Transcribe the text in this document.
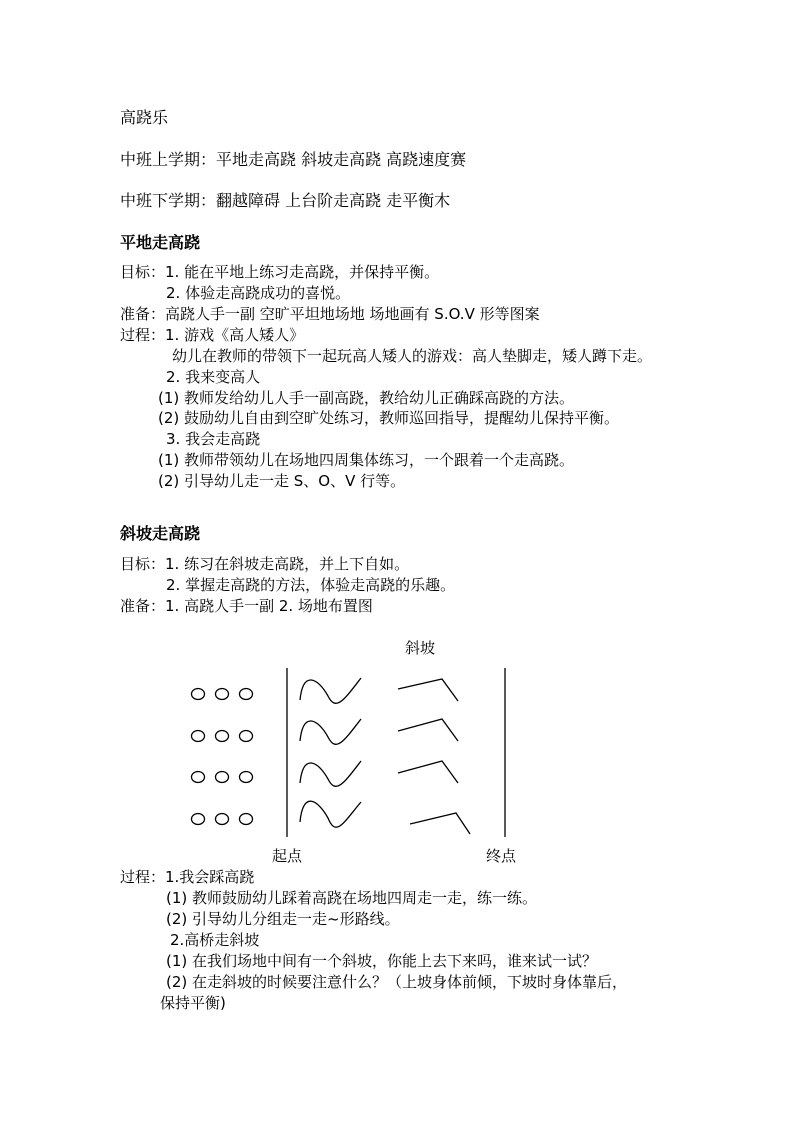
高跷乐
中班上学期：平地走高跷 斜坡走高跷 高跷速度赛
中班下学期：翻越障碍 上台阶走高跷 走平衡木
平地走高跷
目标：1. 能在平地上练习走高跷，并保持平衡。
2. 体验走高跷成功的喜悦。
准备：高跷人手一副 空旷平坦地场地 场地画有 S.O.V 形等图案
过程：1. 游戏《高人矮人》
幼儿在教师的带领下一起玩高人矮人的游戏：高人垫脚走，矮人蹲下走。
2. 我来变高人
(1) 教师发给幼儿人手一副高跷，教给幼儿正确踩高跷的方法。
(2) 鼓励幼儿自由到空旷处练习，教师巡回指导，提醒幼儿保持平衡。
3. 我会走高跷
(1) 教师带领幼儿在场地四周集体练习，一个跟着一个走高跷。
(2) 引导幼儿走一走 S、O、V 行等。
斜坡走高跷
目标：1. 练习在斜坡走高跷，并上下自如。
2. 掌握走高跷的方法，体验走高跷的乐趣。
准备：1. 高跷人手一副 2. 场地布置图
斜坡
起点	终点
过程：1.我会踩高跷
(1) 教师鼓励幼儿踩着高跷在场地四周走一走，练一练。
(2) 引导幼儿分组走一走~形路线。
2.高桥走斜坡
(1) 在我们场地中间有一个斜坡，你能上去下来吗，谁来试一试？
(2) 在走斜坡的时候要注意什么？（上坡身体前倾，下坡时身体靠后，
保持平衡)
